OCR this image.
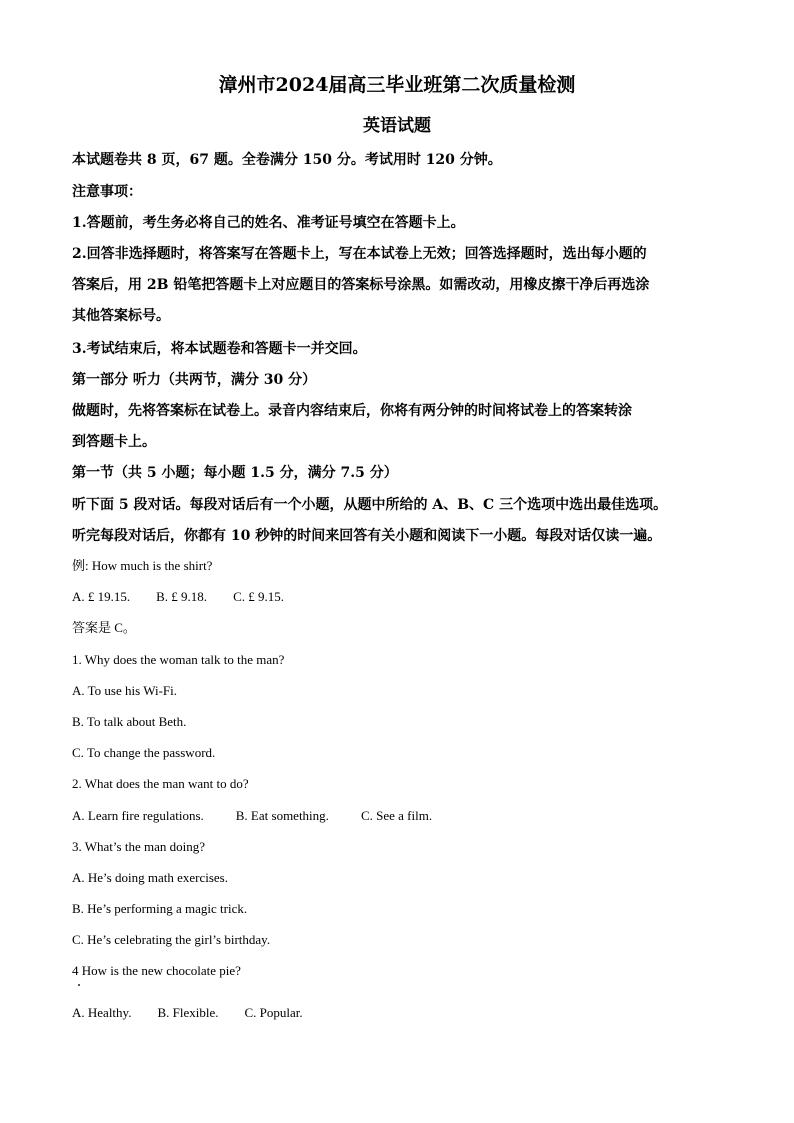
漳州市2024届高三毕业班第二次质量检测
英语试题

本试题卷共 8 页，67 题。全卷满分 150 分。考试用时 120 分钟。

注意事项：

1.答题前，考生务必将自己的姓名、准考证号填空在答题卡上。

2.回答非选择题时，将答案写在答题卡上，写在本试卷上无效；回答选择题时，选出每小题的

答案后，用 2B 铅笔把答题卡上对应题目的答案标号涂黑。如需改动，用橡皮擦干净后再选涂

其他答案标号。

3.考试结束后，将本试题卷和答题卡一并交回。

第一部分 听力（共两节，满分 30 分）

做题时，先将答案标在试卷上。录音内容结束后，你将有两分钟的时间将试卷上的答案转涂

到答题卡上。

第一节（共 5 小题；每小题 1.5 分，满分 7.5 分）

听下面 5 段对话。每段对话后有一个小题，从题中所给的 A、B、C 三个选项中选出最佳选项。

听完每段对话后，你都有 10 秒钟的时间来回答有关小题和阅读下一小题。每段对话仅读一遍。

例: How much is the shirt?

A. £ 19.15. B. £ 9.18. C. £ 9.15.

答案是 C。

1. Why does the woman talk to the man?

A. To use his Wi-Fi.

B. To talk about Beth.

C. To change the password.

2. What does the man want to do?

A. Learn fire regulations. B. Eat something. C. See a film.

3. What’s the man doing?

A. He’s doing math exercises.

B. He’s performing a magic trick.

C. He’s celebrating the girl’s birthday.

4 How is the new chocolate pie?

A. Healthy. B. Flexible. C. Popular.
